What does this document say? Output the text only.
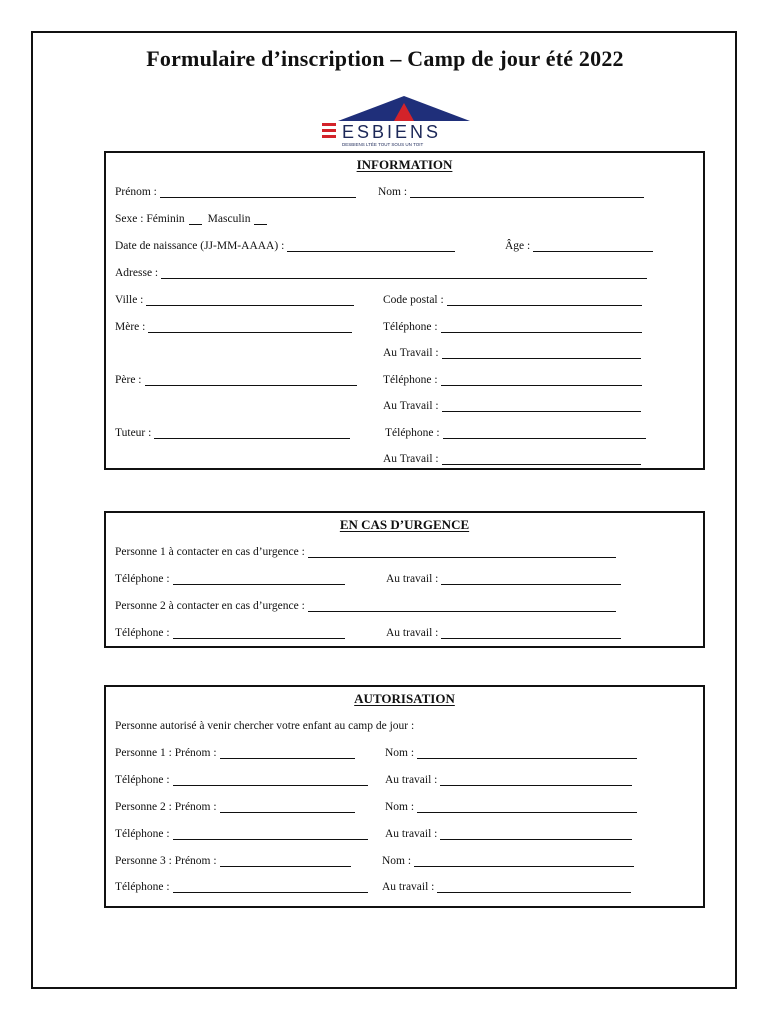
Formulaire d’inscription – Camp de jour été 2022
ESBIENS
DESBIENS LTÉE TOUT SOUS UN TOIT
INFORMATION
Prénom :	Nom :
Sexe :
Féminin Masculin
Date de naissance (JJ-MM-AAAA) :	Âge :
Adresse :
Ville :	Code postal :
Mère :	Téléphone :
Au Travail :
Père :	Téléphone :
Au Travail :
Tuteur :	Téléphone :
Au Travail :
EN CAS D’URGENCE
Personne 1 à contacter en cas d’urgence :
Téléphone :	Au travail :
Personne 2 à contacter en cas d’urgence :
Téléphone :	Au travail :
AUTORISATION
Personne autorisé à venir chercher votre enfant au camp de jour :
Personne 1 : Prénom :	Nom :
Téléphone :	Au travail :
Personne 2 : Prénom :	Nom :
Téléphone :	Au travail :
Personne 3 : Prénom :	Nom :
Téléphone :	Au travail :
